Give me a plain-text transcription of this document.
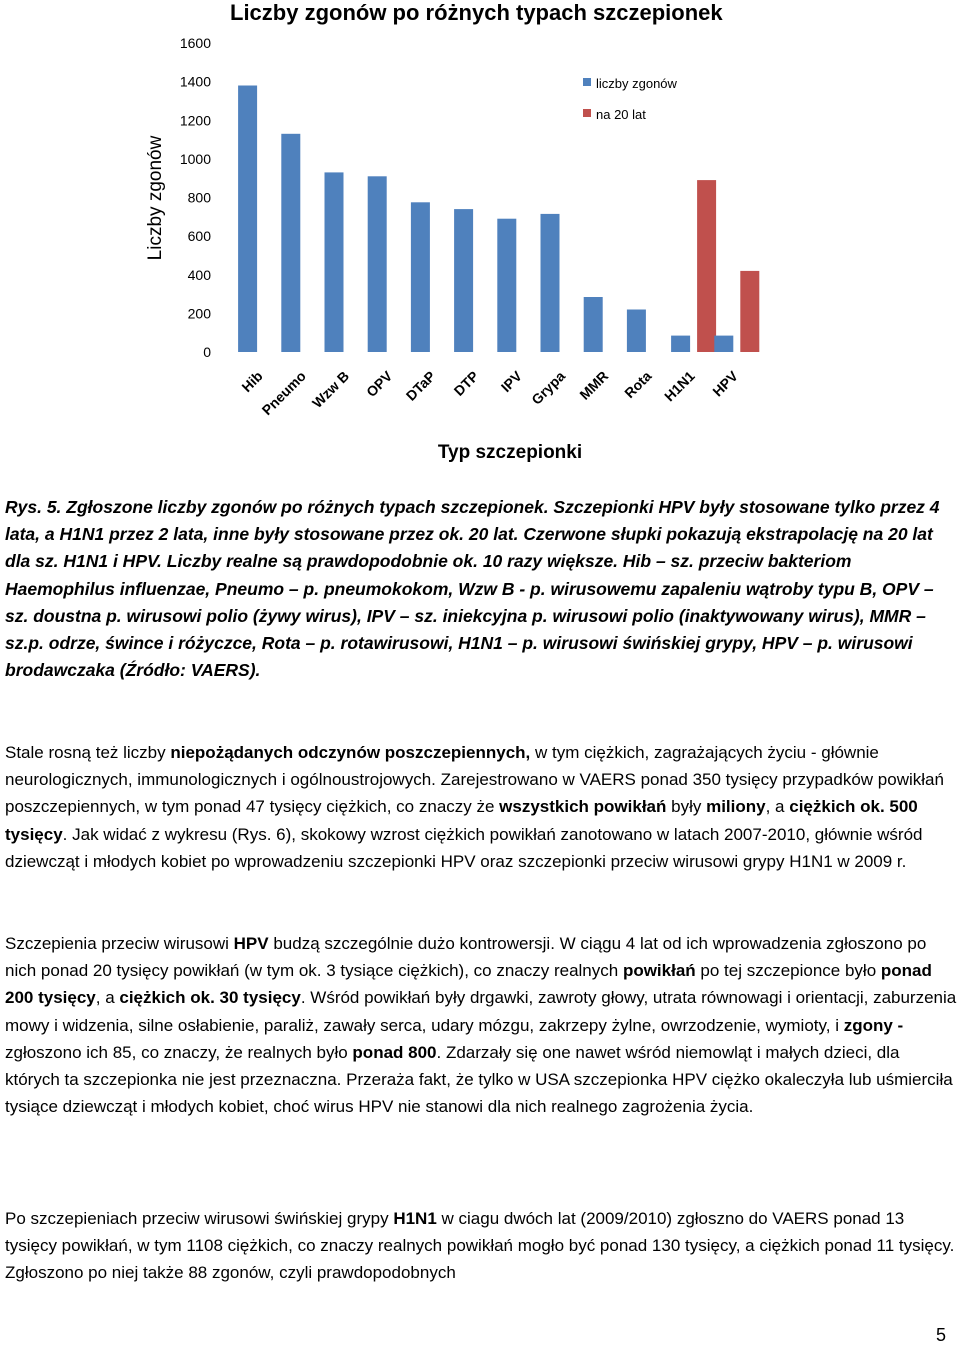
Liczby zgonów po różnych typach szczepionek
Liczby zgonów
Typ szczepionki
0
200
400
600
800
1000
1200
1400
1600
Hib
Pneumo Wzw B OPV DTaP DTP IPV Grypa MMR Rota H1N1 HPV
liczby zgonów
na 20 lat

Rys. 5. Zgłoszone liczby zgonów po różnych typach szczepionek. Szczepionki HPV były stosowane tylko przez 4 lata, a H1N1 przez 2 lata, inne były stosowane przez ok. 20 lat. Czerwone słupki pokazują ekstrapolację na 20 lat dla sz. H1N1 i HPV. Liczby realne są prawdopodobnie ok. 10 razy większe. Hib – sz. przeciw bakteriom Haemophilus influenzae, Pneumo – p. pneumokokom, Wzw B - p. wirusowemu zapaleniu wątroby typu B, OPV – sz. doustna p. wirusowi polio (żywy wirus), IPV – sz. iniekcyjna p. wirusowi polio (inaktywowany wirus), MMR – sz.p. odrze, śwince i różyczce, Rota – p. rotawirusowi, H1N1 – p. wirusowi świńskiej grypy, HPV – p. wirusowi brodawczaka (Źródło: VAERS).

Stale rosną też liczby niepożądanych odczynów poszczepiennych, w tym ciężkich, zagrażających życiu - głównie neurologicznych, immunologicznych i ogólnoustrojowych. Zarejestrowano w VAERS ponad 350 tysięcy przypadków powikłań poszczepiennych, w tym ponad 47 tysięcy ciężkich, co znaczy że wszystkich powikłań były miliony, a ciężkich ok. 500 tysięcy. Jak widać z wykresu (Rys. 6), skokowy wzrost ciężkich powikłań zanotowano w latach 2007-2010, głównie wśród dziewcząt i młodych kobiet po wprowadzeniu szczepionki HPV oraz szczepionki przeciw wirusowi grypy H1N1 w 2009 r.

Szczepienia przeciw wirusowi HPV budzą szczególnie dużo kontrowersji. W ciągu 4 lat od ich wprowadzenia zgłoszono po nich ponad 20 tysięcy powikłań (w tym ok. 3 tysiące ciężkich), co znaczy realnych powikłań po tej szczepionce było ponad 200 tysięcy, a ciężkich ok. 30 tysięcy. Wśród powikłań były drgawki, zawroty głowy, utrata równowagi i orientacji, zaburzenia mowy i widzenia, silne osłabienie, paraliż, zawały serca, udary mózgu, zakrzepy żylne, owrzodzenie, wymioty, i zgony - zgłoszono ich 85, co znaczy, że realnych było ponad 800. Zdarzały się one nawet wśród niemowląt i małych dzieci, dla których ta szczepionka nie jest przeznaczna. Przeraża fakt, że tylko w USA szczepionka HPV ciężko okaleczyła lub uśmierciła tysiące dziewcząt i młodych kobiet, choć wirus HPV nie stanowi dla nich realnego zagrożenia życia.

Po szczepieniach przeciw wirusowi świńskiej grypy H1N1 w ciagu dwóch lat (2009/2010) zgłoszno do VAERS ponad 13 tysięcy powikłań, w tym 1108 ciężkich, co znaczy realnych powikłań mogło być ponad 130 tysięcy, a ciężkich ponad 11 tysięcy. Zgłoszono po niej także 88 zgonów, czyli prawdopodobnych

5
